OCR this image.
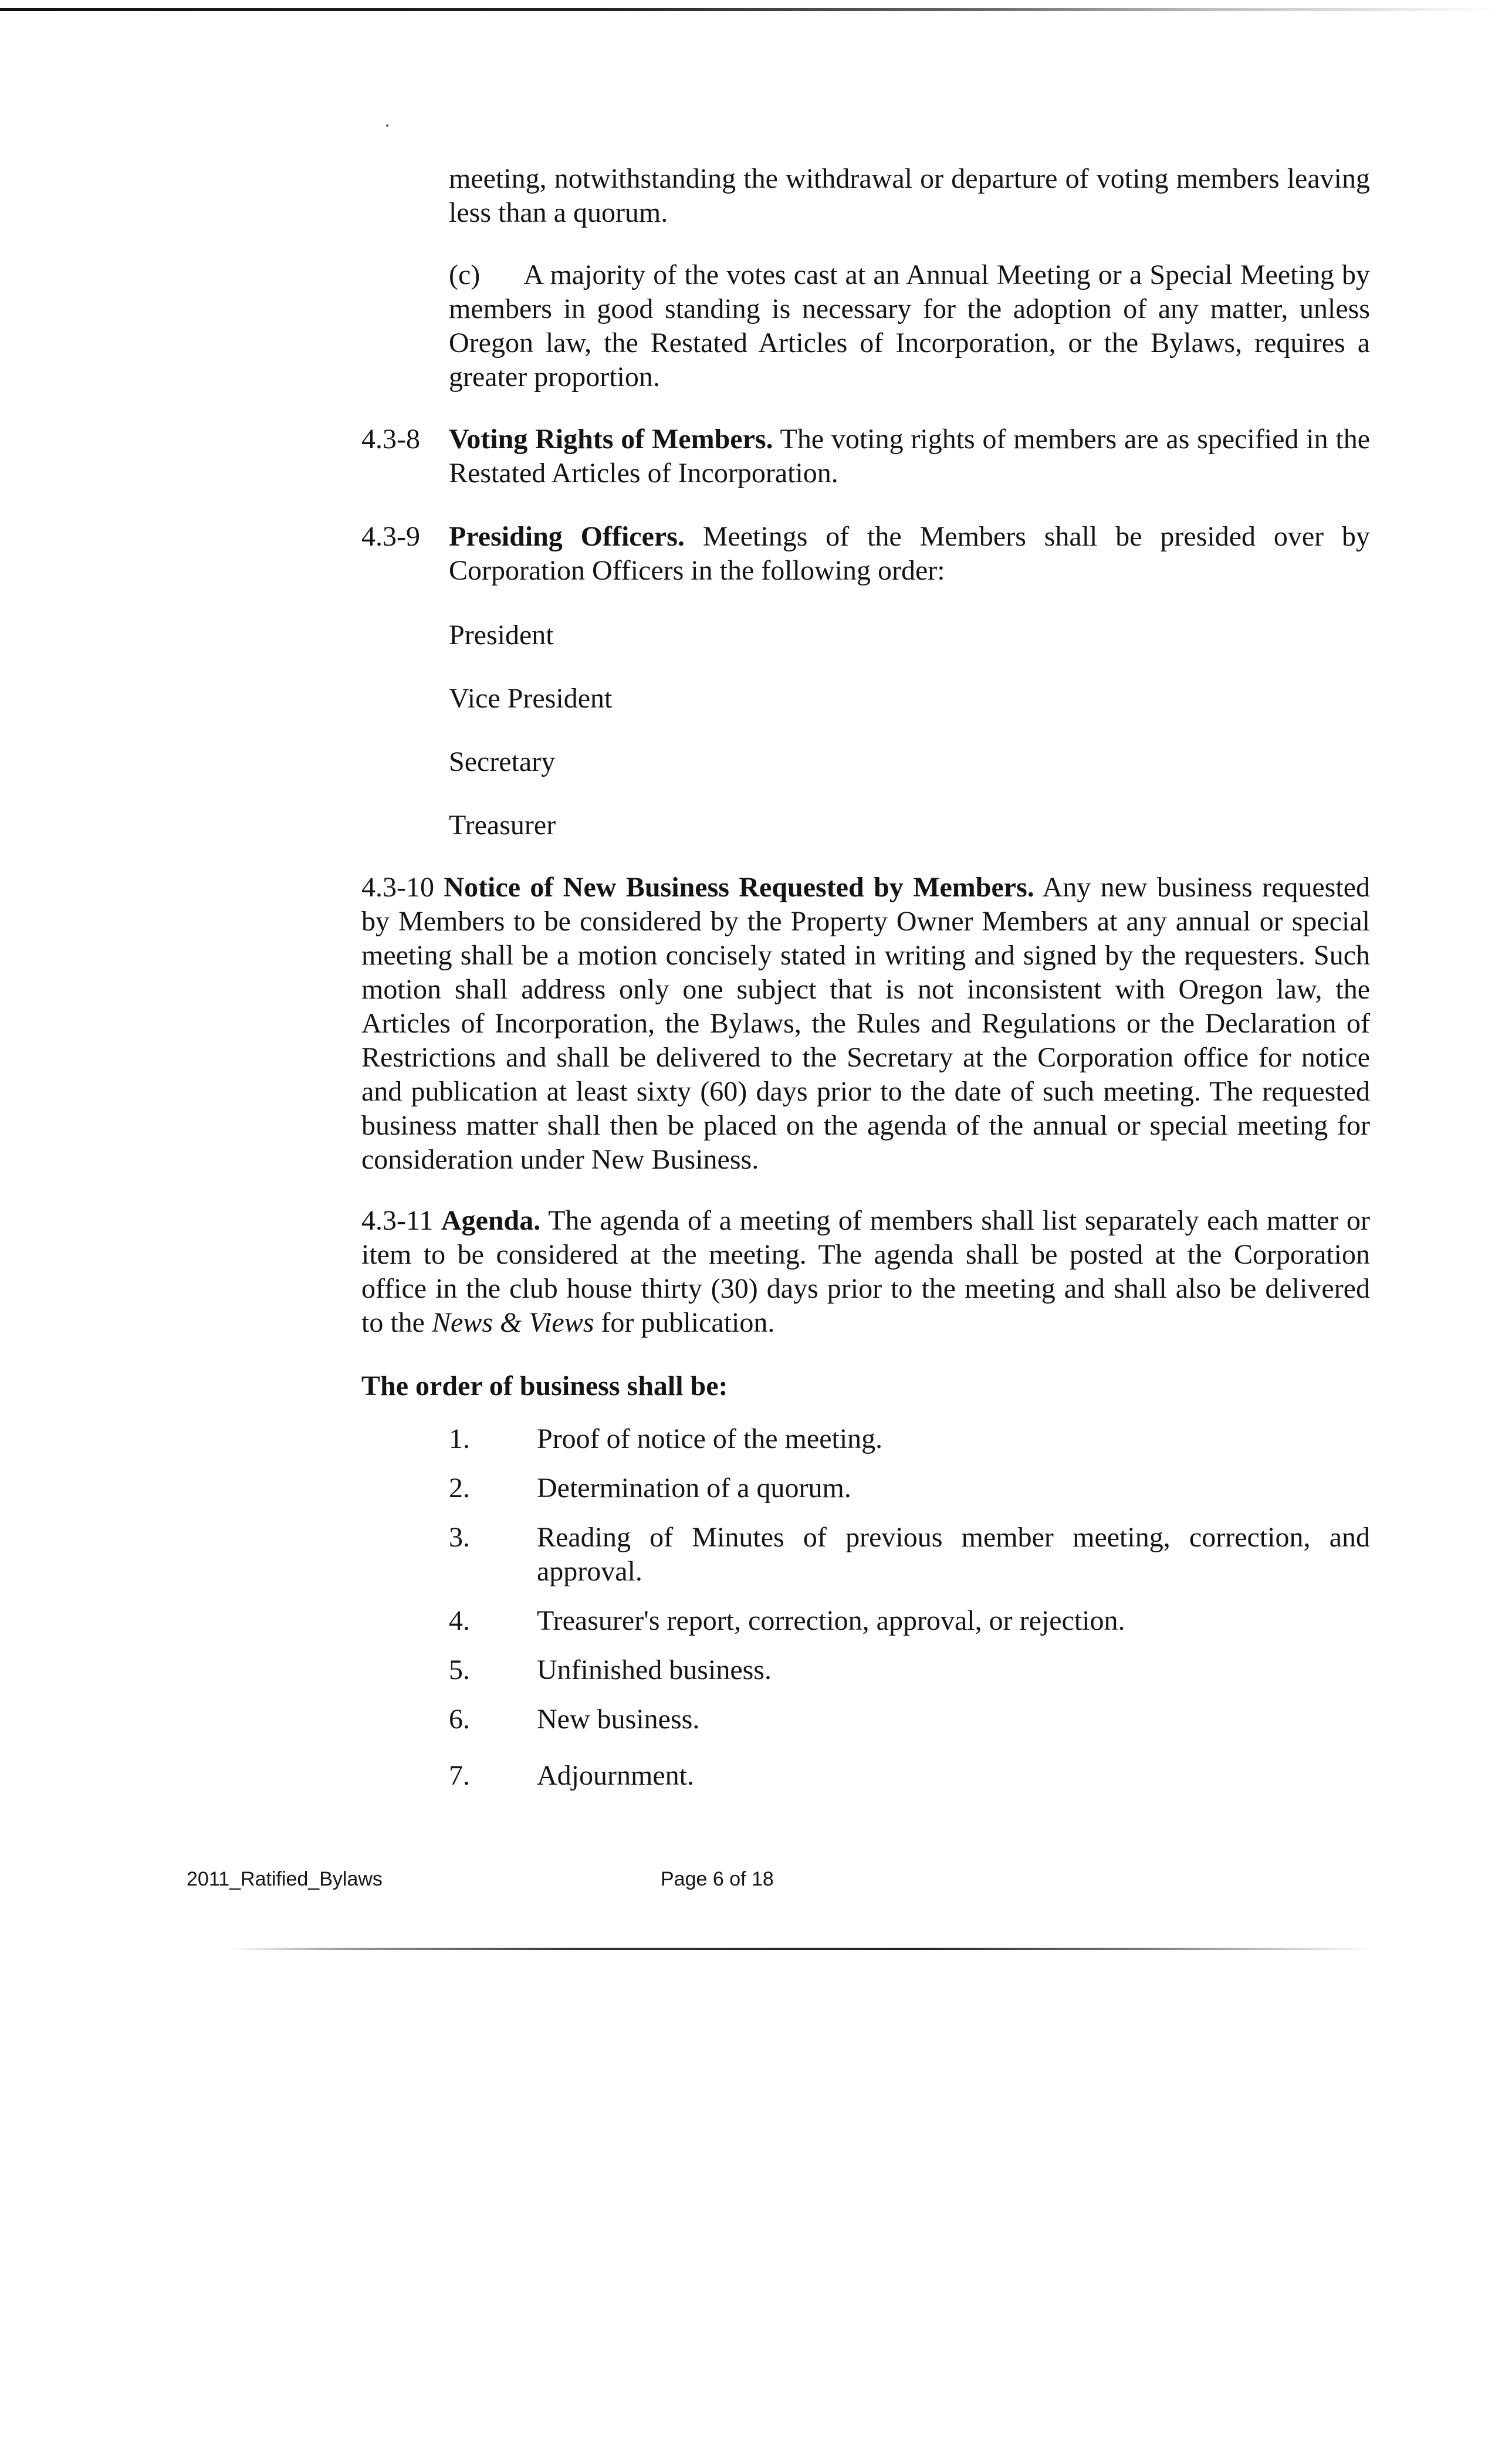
meeting, notwithstanding the withdrawal or departure of voting members leaving less than a quorum.

(c) A majority of the votes cast at an Annual Meeting or a Special Meeting by members in good standing is necessary for the adoption of any matter, unless Oregon law, the Restated Articles of Incorporation, or the Bylaws, requires a greater proportion.
4.3-8 Voting Rights of Members. The voting rights of members are as specified in the Restated Articles of Incorporation.
4.3-9 Presiding Officers. Meetings of the Members shall be presided over by Corporation Officers in the following order:
President
Vice President
Secretary
Treasurer
4.3-10 Notice of New Business Requested by Members. Any new business requested by Members to be considered by the Property Owner Members at any annual or special meeting shall be a motion concisely stated in writing and signed by the requesters. Such motion shall address only one subject that is not inconsistent with Oregon law, the Articles of Incorporation, the Bylaws, the Rules and Regulations or the Declaration of Restrictions and shall be delivered to the Secretary at the Corporation office for notice and publication at least sixty (60) days prior to the date of such meeting. The requested business matter shall then be placed on the agenda of the annual or special meeting for consideration under New Business.
4.3-11 Agenda. The agenda of a meeting of members shall list separately each matter or item to be considered at the meeting. The agenda shall be posted at the Corporation office in the club house thirty (30) days prior to the meeting and shall also be delivered to the News & Views for publication.
The order of business shall be:
1. Proof of notice of the meeting.
2. Determination of a quorum.
3. Reading of Minutes of previous member meeting, correction, and approval.
4. Treasurer's report, correction, approval, or rejection.
5. Unfinished business.
6. New business.
7. Adjournment.
2011_Ratified_Bylaws	Page 6 of 18
